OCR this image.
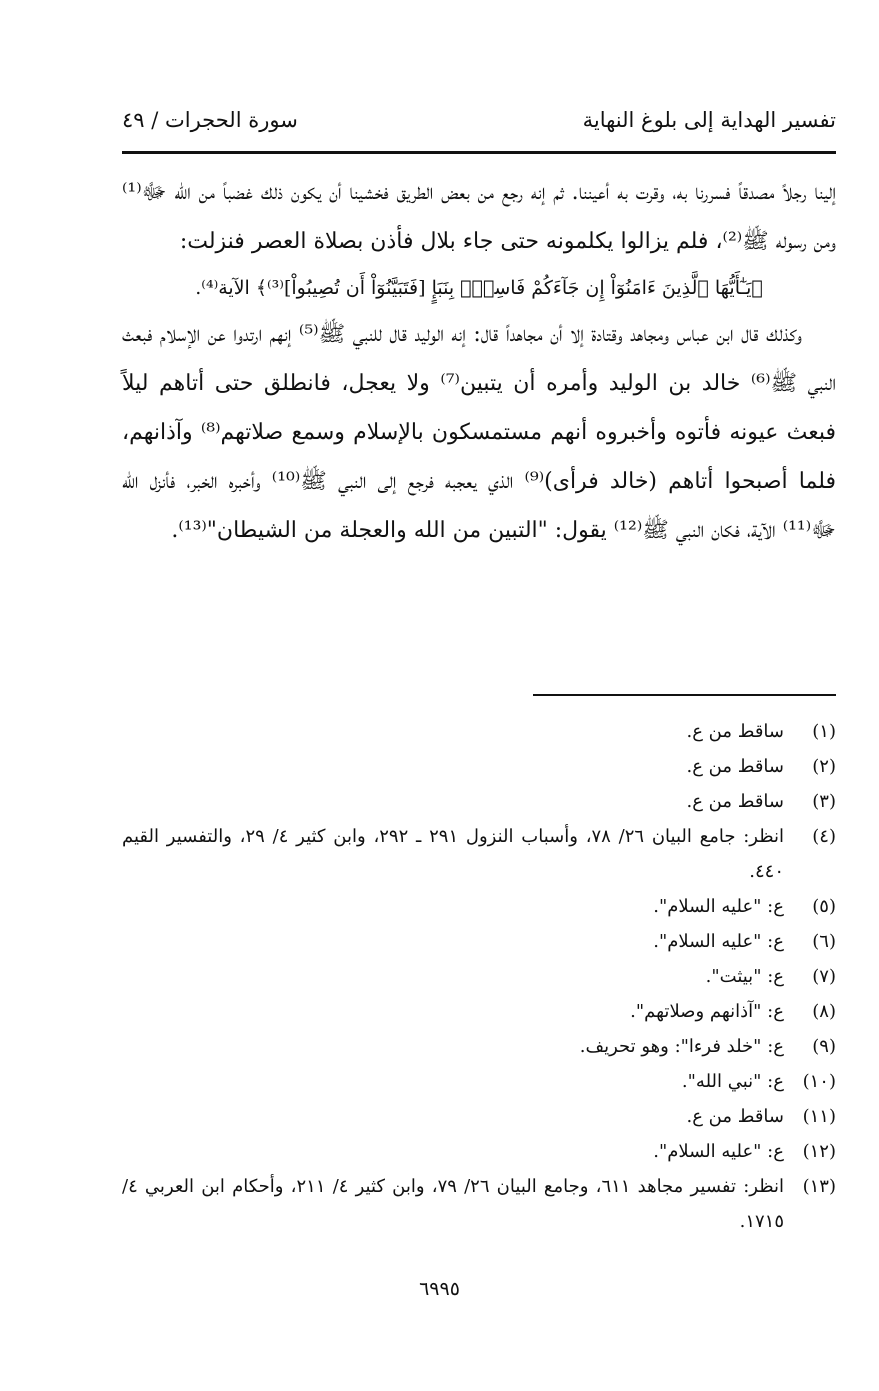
تفسير الهداية إلى بلوغ النهاية
سورة الحجرات / ٤٩

إلينا رجلاً مصدقاً فسررنا به، وقرت به أعيننا. ثم إنه رجع من بعض الطريق فخشينا أن يكون ذلك غضباً من الله ﷻ⁽¹⁾ ومن رسوله ﷺ⁽²⁾، فلم يزالوا يكلمونه حتى جاء بلال فأذن بصلاة العصر فنزلت:

﴿يَـٰٓأَيُّهَا ٱلَّذِينَ ءَامَنُوٓاْ إِن جَآءَكُمْ فَاسِقٌۢ بِنَبَإٍ [فَتَبَيَّنُوٓاْ أَن تُصِيبُواْ]⁽³⁾﴾ الآية⁽⁴⁾.

وكذلك قال ابن عباس ومجاهد وقتادة إلا أن مجاهداً قال: إنه الوليد قال للنبي ﷺ⁽⁵⁾ إنهم ارتدوا عن الإسلام فبعث النبي ﷺ⁽⁶⁾ خالد بن الوليد وأمره أن يتبين⁽⁷⁾ ولا يعجل، فانطلق حتى أتاهم ليلاً فبعث عيونه فأتوه وأخبروه أنهم مستمسكون بالإسلام وسمع صلاتهم⁽⁸⁾ وآذانهم، فلما أصبحوا أتاهم (خالد فرأى)⁽⁹⁾ الذي يعجبه فرجع إلى النبي ﷺ⁽¹⁰⁾ وأخبره الخبر، فأنزل الله ﷻ⁽¹¹⁾ الآية، فكان النبي ﷺ⁽¹²⁾ يقول: "التبين من الله والعجلة من الشيطان"⁽¹³⁾.

(١)
ساقط من ع.
(٢)
ساقط من ع.
(٣)
ساقط من ع.
(٤)
انظر: جامع البيان ٢٦/ ٧٨، وأسباب النزول ٢٩١ ـ ٢٩٢، وابن كثير ٤/ ٢٩، والتفسير القيم ٤٤٠.
(٥)
ع: "عليه السلام".
(٦)
ع: "عليه السلام".
(٧)
ع: "بيثت".
(٨)
ع: "آذانهم وصلاتهم".
(٩)
ع: "خلد فرءا": وهو تحريف.
(١٠)
ع: "نبي الله".
(١١)
ساقط من ع.
(١٢)
ع: "عليه السلام".
(١٣)
انظر: تفسير مجاهد ٦١١، وجامع البيان ٢٦/ ٧٩، وابن كثير ٤/ ٢١١، وأحكام ابن العربي ٤/ ١٧١٥.
٦٩٩٥
